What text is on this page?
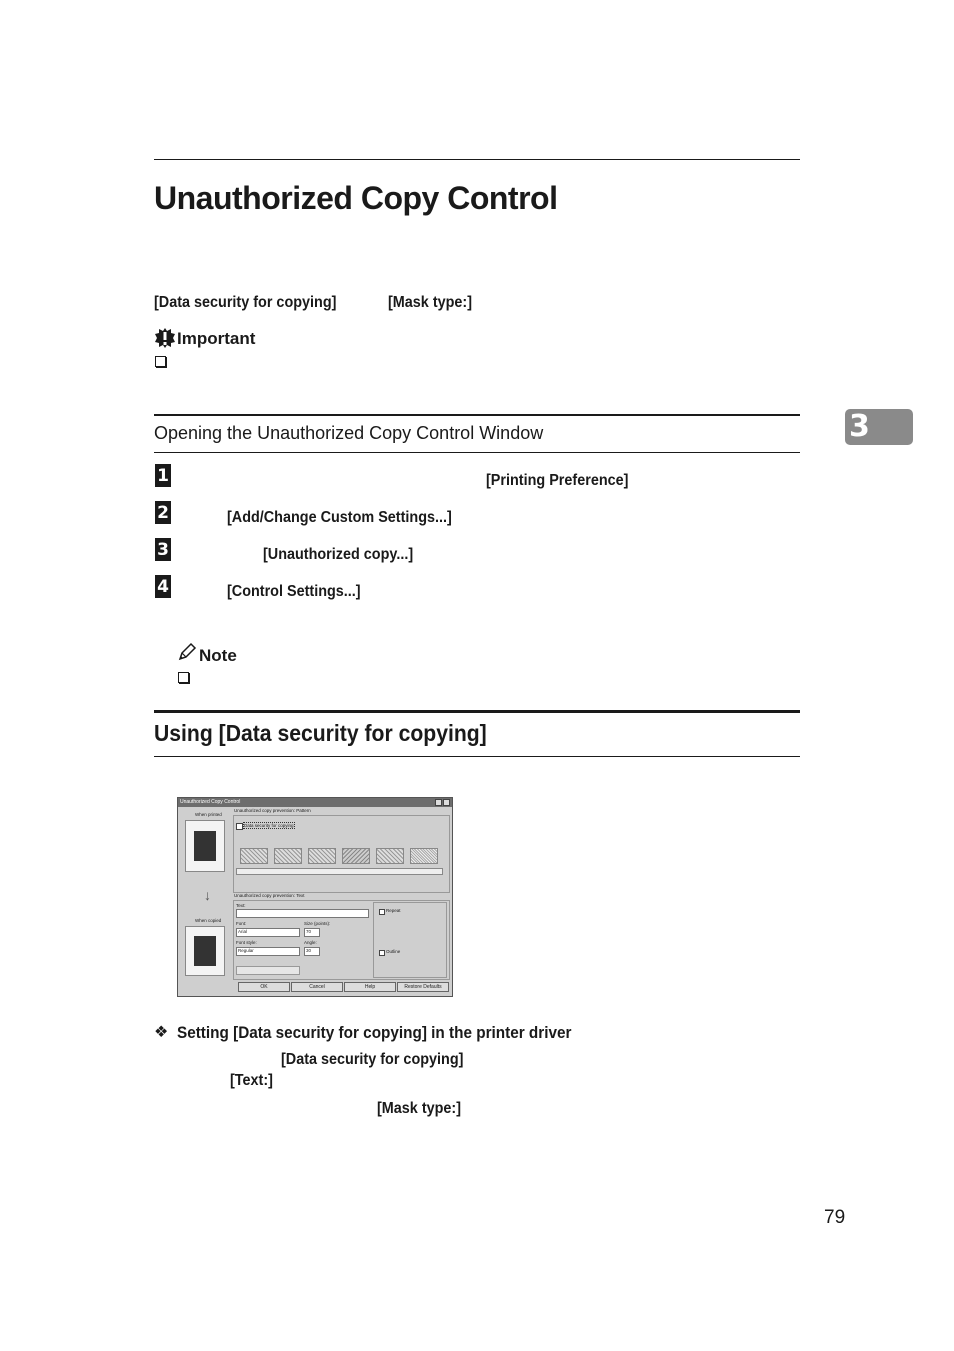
Unauthorized Copy Control
[Data security for copying]	[Mask type:]
Important
Opening the Unauthorized Copy Control Window
1	[Printing Preference]
2	[Add/Change Custom Settings...]
3	[Unauthorized copy...]
4	[Control Settings...]
Note
Using [Data security for copying]
Unauthorized Copy Control
When printed
↓
When copied
Unauthorized copy prevention: Pattern
Data security for copying
Unauthorized copy prevention: Text
Text:
Font:
Arial
Size (points):
70
Font style:
Regular
Angle:
30
Repeat
Outline
OK	Cancel	Help	Restore Defaults
❖ Setting [Data security for copying] in the printer driver
[Data security for copying]
[Text:]
[Mask type:]
3
79
